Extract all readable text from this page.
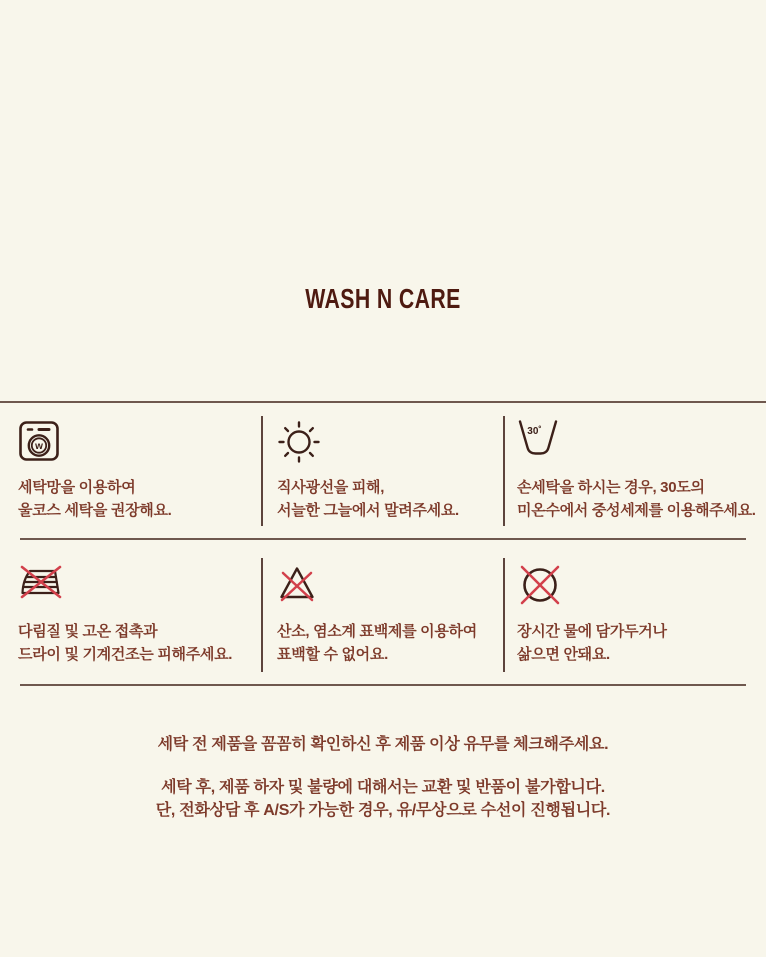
WASH N CARE
w
세탁망을 이용하여
울코스 세탁을 권장해요.
직사광선을 피해,
서늘한 그늘에서 말려주세요.
30˚
손세탁을 하시는 경우, 30도의
미온수에서 중성세제를 이용해주세요.
다림질 및 고온 접촉과
드라이 및 기계건조는 피해주세요.
산소, 염소계 표백제를 이용하여
표백할 수 없어요.
장시간 물에 담가두거나
삶으면 안돼요.
세탁 전 제품을 꼼꼼히 확인하신 후 제품 이상 유무를 체크해주세요.
세탁 후, 제품 하자 및 불량에 대해서는 교환 및 반품이 불가합니다.
단, 전화상담 후 A/S가 가능한 경우, 유/무상으로 수선이 진행됩니다.
